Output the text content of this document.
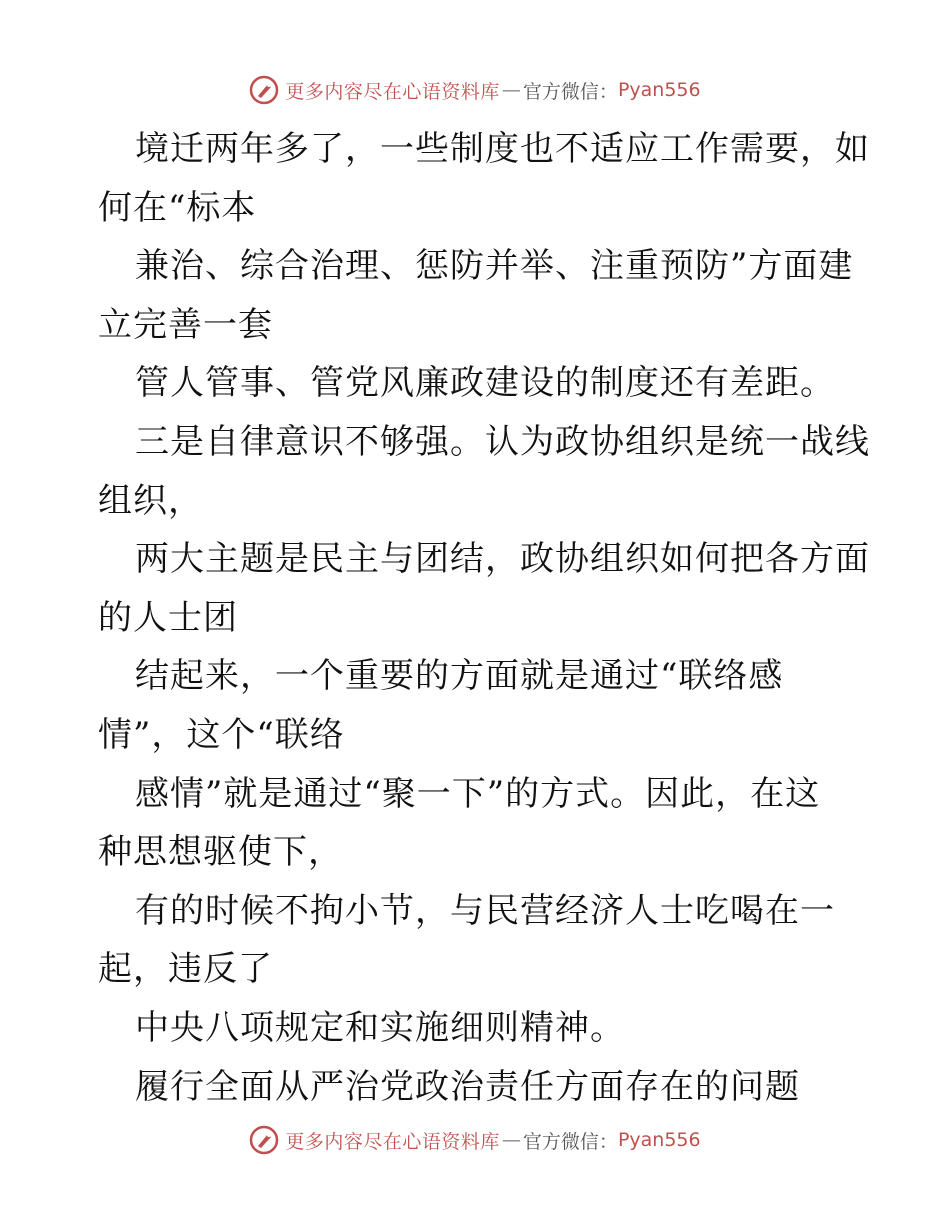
更多内容尽在心语资料库 — 官方微信： Pyan556
境迁两年多了，一些制度也不适应工作需要，如
何在“标本
兼治、综合治理、惩防并举、注重预防”方面建
立完善一套
管人管事、管党风廉政建设的制度还有差距。
三是自律意识不够强。认为政协组织是统一战线
组织，
两大主题是民主与团结，政协组织如何把各方面
的人士团
结起来，一个重要的方面就是通过“联络感
情”，这个“联络
感情”就是通过“聚一下”的方式。因此，在这
种思想驱使下，
有的时候不拘小节，与民营经济人士吃喝在一
起，违反了
中央八项规定和实施细则精神。
履行全面从严治党政治责任方面存在的问题
更多内容尽在心语资料库 — 官方微信： Pyan556
